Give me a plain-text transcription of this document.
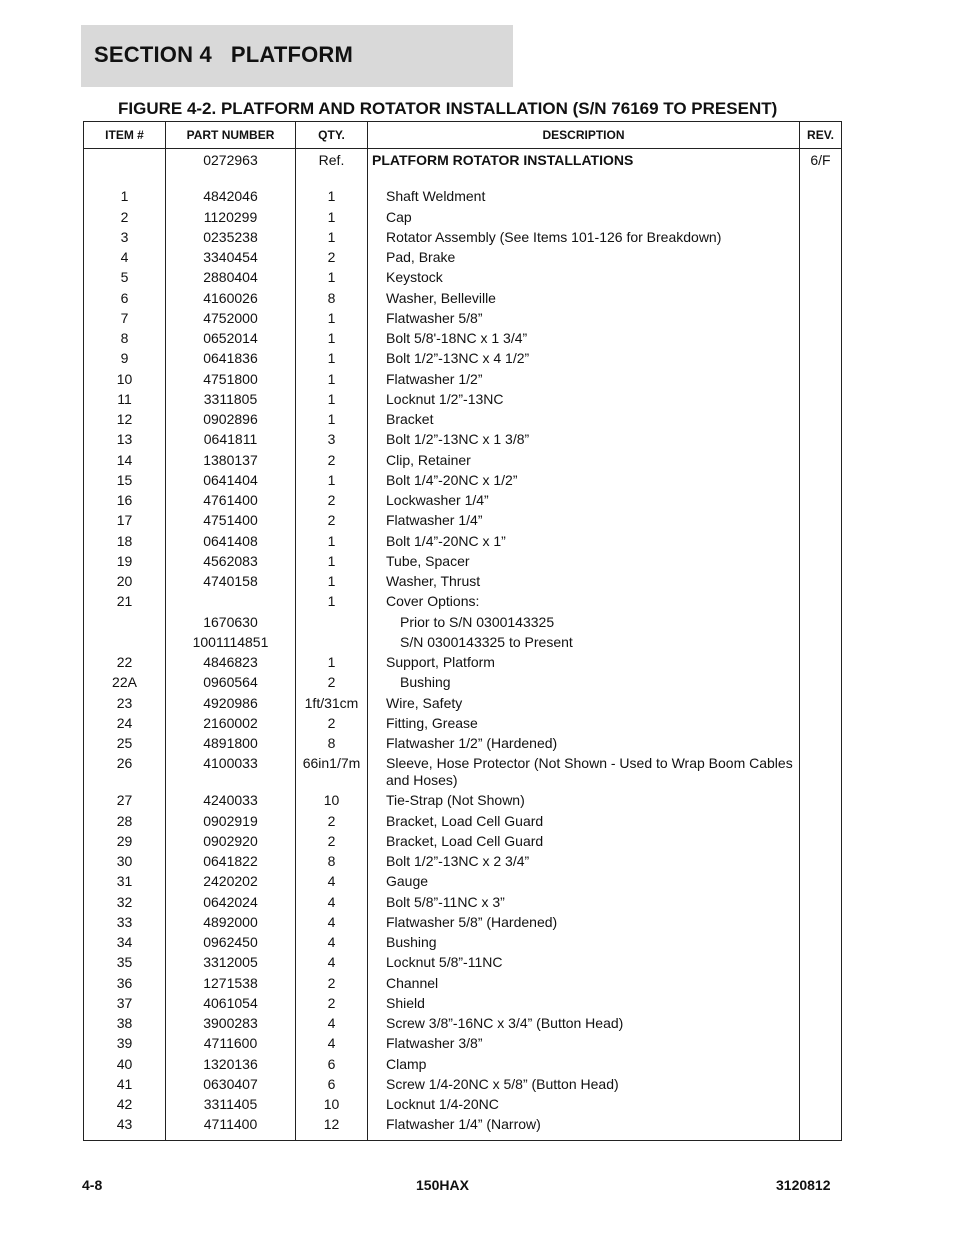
SECTION 4   PLATFORM
FIGURE 4-2. PLATFORM AND ROTATOR INSTALLATION (S/N 76169 TO PRESENT)
ITEM #	PART NUMBER	QTY.	DESCRIPTION	REV.
	0272963	Ref.	PLATFORM ROTATOR INSTALLATIONS	6/F

1	4842046	1	Shaft Weldment	
2	1120299	1	Cap	
3	0235238	1	Rotator Assembly (See Items 101-126 for Breakdown)	
4	3340454	2	Pad, Brake	
5	2880404	1	Keystock	
6	4160026	8	Washer, Belleville	
7	4752000	1	Flatwasher 5/8”	
8	0652014	1	Bolt 5/8'-18NC x 1 3/4”	
9	0641836	1	Bolt 1/2”-13NC x 4 1/2”	
10	4751800	1	Flatwasher 1/2”	
11	3311805	1	Locknut 1/2”-13NC	
12	0902896	1	Bracket	
13	0641811	3	Bolt 1/2”-13NC x 1 3/8”	
14	1380137	2	Clip, Retainer	
15	0641404	1	Bolt 1/4”-20NC x 1/2”	
16	4761400	2	Lockwasher 1/4”	
17	4751400	2	Flatwasher 1/4”	
18	0641408	1	Bolt 1/4”-20NC x 1”	
19	4562083	1	Tube, Spacer	
20	4740158	1	Washer, Thrust	
21		1	Cover Options:	
	1670630		Prior to S/N 0300143325	
	1001114851		S/N 0300143325 to Present	
22	4846823	1	Support, Platform	
22A	0960564	2	Bushing	
23	4920986	1ft/31cm	Wire, Safety	
24	2160002	2	Fitting, Grease	
25	4891800	8	Flatwasher 1/2” (Hardened)	
26	4100033	66in1/7m	Sleeve, Hose Protector (Not Shown - Used to Wrap Boom Cables and Hoses)	
27	4240033	10	Tie-Strap (Not Shown)	
28	0902919	2	Bracket, Load Cell Guard	
29	0902920	2	Bracket, Load Cell Guard	
30	0641822	8	Bolt 1/2”-13NC x 2 3/4”	
31	2420202	4	Gauge	
32	0642024	4	Bolt 5/8”-11NC x 3”	
33	4892000	4	Flatwasher 5/8” (Hardened)	
34	0962450	4	Bushing	
35	3312005	4	Locknut 5/8”-11NC	
36	1271538	2	Channel	
37	4061054	2	Shield	
38	3900283	4	Screw 3/8”-16NC x 3/4” (Button Head)	
39	4711600	4	Flatwasher 3/8”	
40	1320136	6	Clamp	
41	0630407	6	Screw 1/4-20NC x 5/8” (Button Head)	
42	3311405	10	Locknut 1/4-20NC	
43	4711400	12	Flatwasher 1/4” (Narrow)	
4-8	150HAX	3120812
